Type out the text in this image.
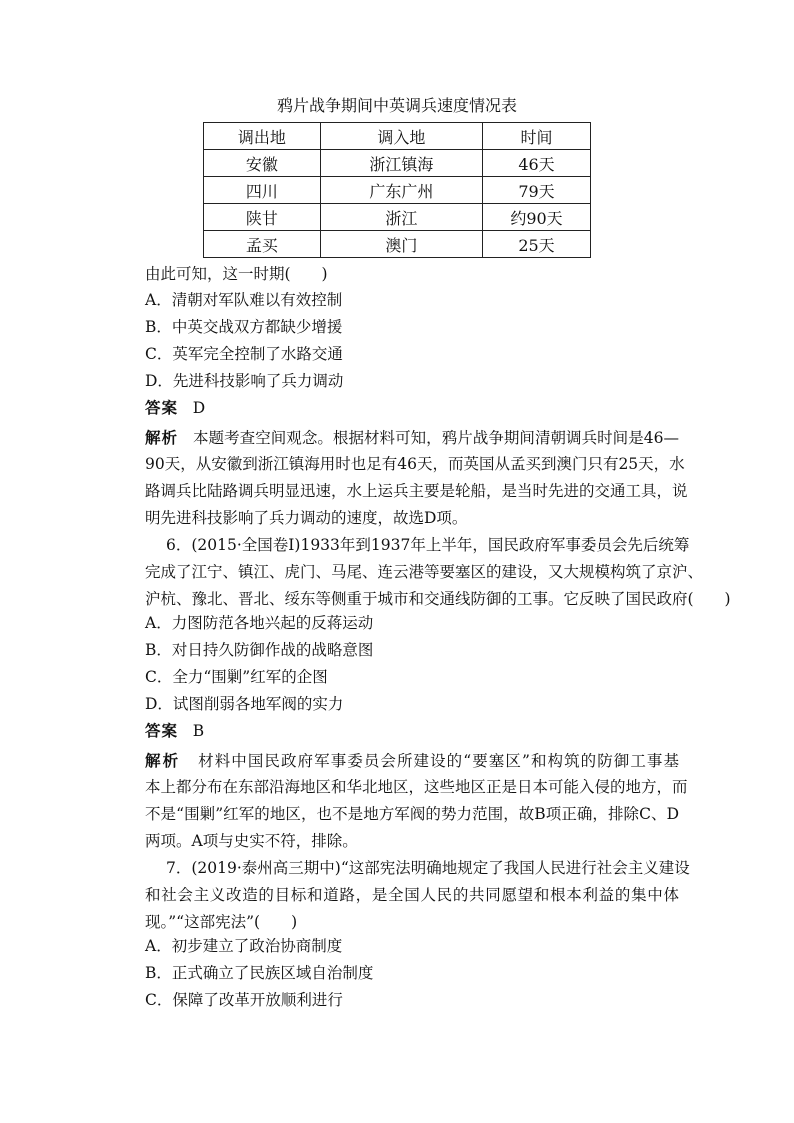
鸦片战争期间中英调兵速度情况表
调出地	调入地	时间
安徽	浙江镇海	46天
四川	广东广州	79天
陕甘	浙江	约90天
孟买	澳门	25天
由此可知，这一时期(　　)
A．清朝对军队难以有效控制
B．中英交战双方都缺少增援
C．英军完全控制了水路交通
D．先进科技影响了兵力调动
答案 D
解析 本题考查空间观念。根据材料可知，鸦片战争期间清朝调兵时间是46—
90天，从安徽到浙江镇海用时也足有46天，而英国从孟买到澳门只有25天，水
路调兵比陆路调兵明显迅速，水上运兵主要是轮船，是当时先进的交通工具，说
明先进科技影响了兵力调动的速度，故选D项。
6．(2015·全国卷Ⅰ)1933年到1937年上半年，国民政府军事委员会先后统筹
完成了江宁、镇江、虎门、马尾、连云港等要塞区的建设，又大规模构筑了京沪、
沪杭、豫北、晋北、绥东等侧重于城市和交通线防御的工事。它反映了国民政府(　　)
A．力图防范各地兴起的反蒋运动
B．对日持久防御作战的战略意图
C．全力“围剿”红军的企图
D．试图削弱各地军阀的实力
答案 B
解析 材料中国民政府军事委员会所建设的“要塞区”和构筑的防御工事基
本上都分布在东部沿海地区和华北地区，这些地区正是日本可能入侵的地方，而
不是“围剿”红军的地区，也不是地方军阀的势力范围，故B项正确，排除C、D
两项。A项与史实不符，排除。
7．(2019·泰州高三期中)“这部宪法明确地规定了我国人民进行社会主义建设
和社会主义改造的目标和道路，是全国人民的共同愿望和根本利益的集中体
现。”“这部宪法”(　　)
A．初步建立了政治协商制度
B．正式确立了民族区域自治制度
C．保障了改革开放顺利进行
